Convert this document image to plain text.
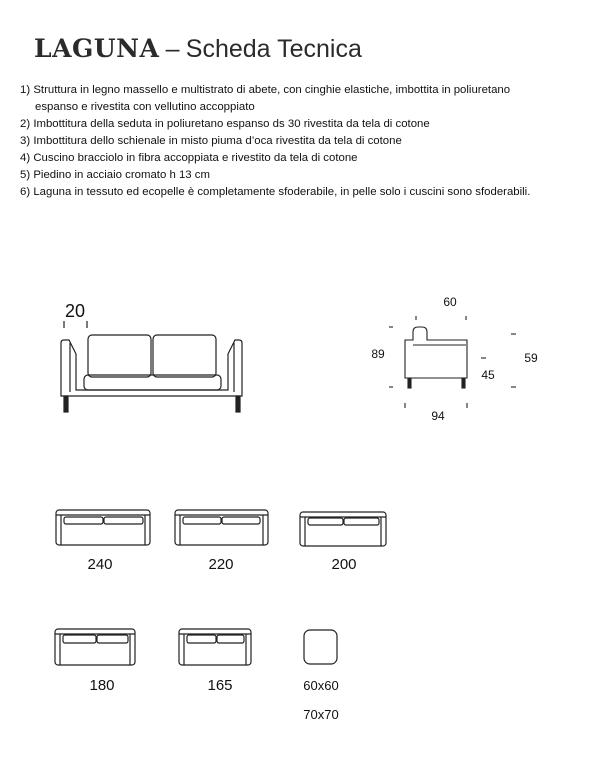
LAGUNA – Scheda Tecnica
1) Struttura in legno massello e multistrato di abete, con cinghie elastiche, imbottita in poliuretano
espanso e rivestita con vellutino accoppiato
2) Imbottitura della seduta in poliuretano espanso ds 30 rivestita da tela di cotone
3) Imbottitura dello schienale in misto piuma d’oca rivestita da tela di cotone
4) Cuscino bracciolo in fibra accoppiata e rivestito da tela di cotone
5) Piedino in acciaio cromato h 13 cm
6) Laguna in tessuto ed ecopelle è completamente sfoderabile, in pelle solo i cuscini sono sfoderabili.
20	60
89	59
45
94
240	220	200
180	165	60x60
70x70
